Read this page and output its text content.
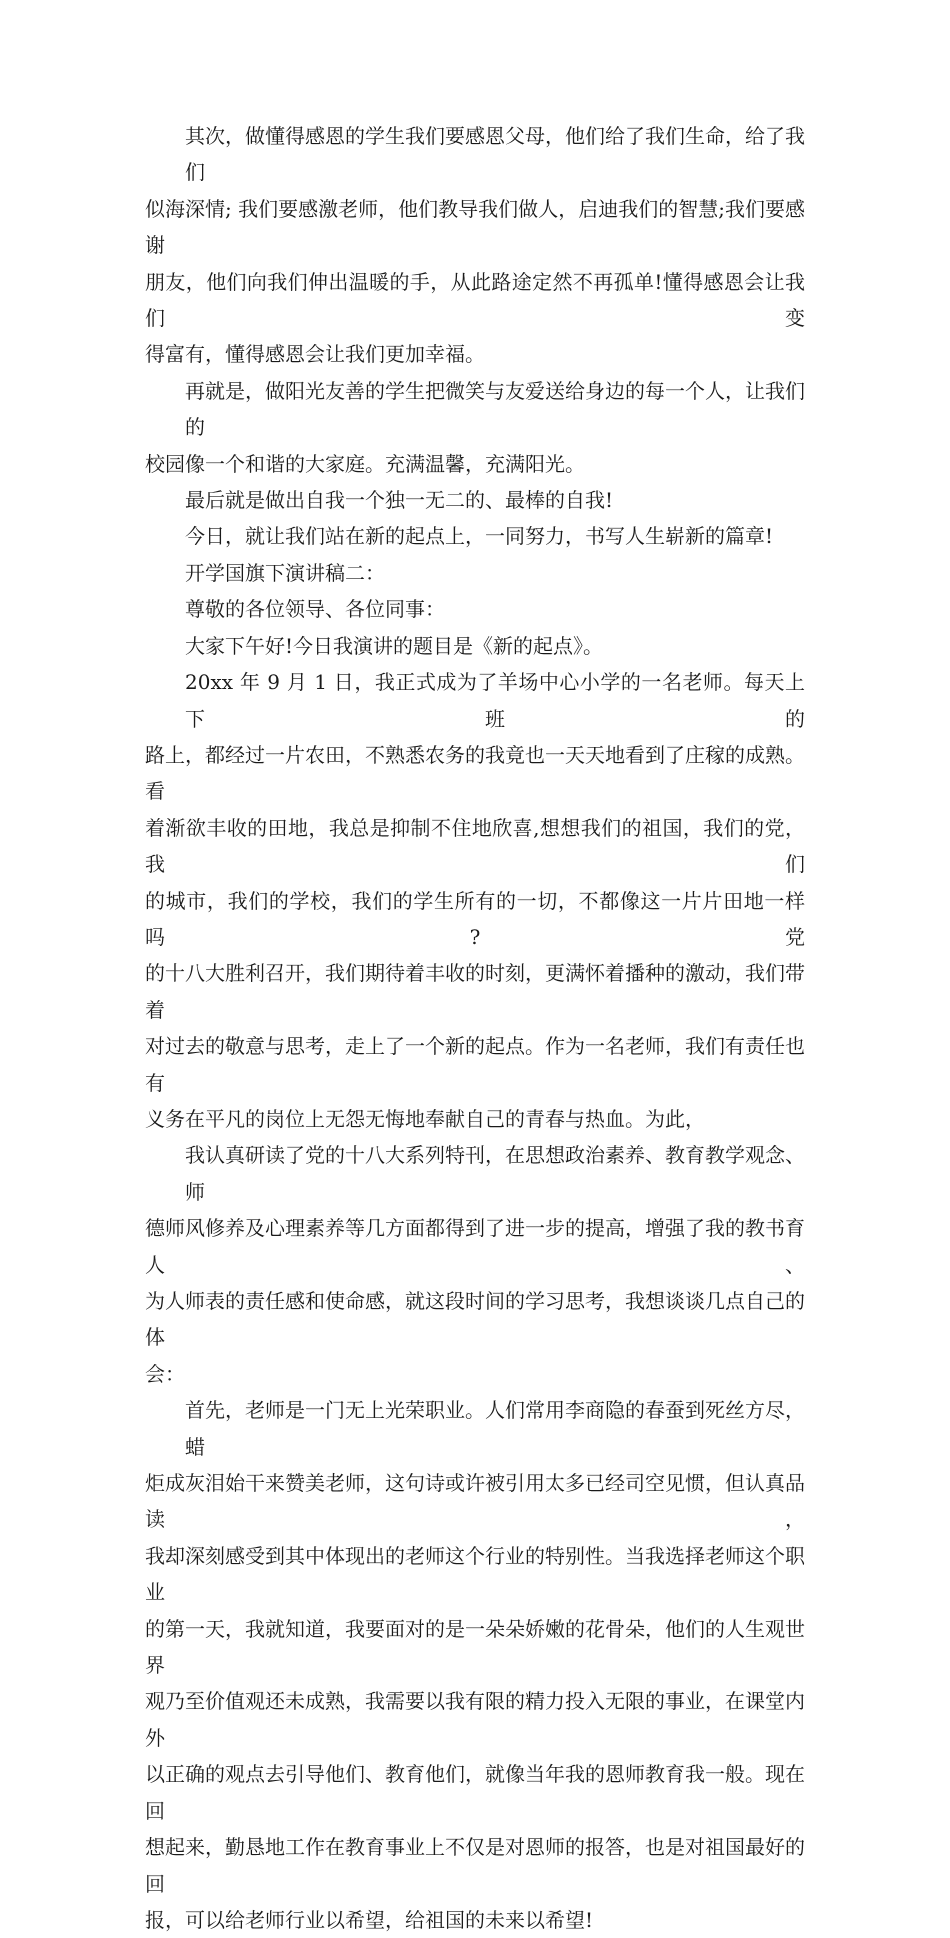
其次，做懂得感恩的学生我们要感恩父母，他们给了我们生命，给了我们
似海深情; 我们要感激老师，他们教导我们做人，启迪我们的智慧;我们要感谢
朋友，他们向我们伸出温暖的手，从此路途定然不再孤单!懂得感恩会让我们变
得富有，懂得感恩会让我们更加幸福。
再就是，做阳光友善的学生把微笑与友爱送给身边的每一个人，让我们的
校园像一个和谐的大家庭。充满温馨，充满阳光。
最后就是做出自我一个独一无二的、最棒的自我!
今日，就让我们站在新的起点上，一同努力，书写人生崭新的篇章!
开学国旗下演讲稿二：
尊敬的各位领导、各位同事：
大家下午好!今日我演讲的题目是《新的起点》。
20xx 年 9 月 1 日，我正式成为了羊场中心小学的一名老师。每天上下班的
路上，都经过一片农田，不熟悉农务的我竟也一天天地看到了庄稼的成熟。看
着渐欲丰收的田地，我总是抑制不住地欣喜,想想我们的祖国，我们的党，我们
的城市，我们的学校，我们的学生所有的一切，不都像这一片片田地一样吗?党
的十八大胜利召开，我们期待着丰收的时刻，更满怀着播种的激动，我们带着
对过去的敬意与思考，走上了一个新的起点。作为一名老师，我们有责任也有
义务在平凡的岗位上无怨无悔地奉献自己的青春与热血。为此，
我认真研读了党的十八大系列特刊，在思想政治素养、教育教学观念、师
德师风修养及心理素养等几方面都得到了进一步的提高，增强了我的教书育人、
为人师表的责任感和使命感，就这段时间的学习思考，我想谈谈几点自己的体
会：
首先，老师是一门无上光荣职业。人们常用李商隐的春蚕到死丝方尽，蜡
炬成灰泪始干来赞美老师，这句诗或许被引用太多已经司空见惯，但认真品读，
我却深刻感受到其中体现出的老师这个行业的特别性。当我选择老师这个职业
的第一天，我就知道，我要面对的是一朵朵娇嫩的花骨朵，他们的人生观世界
观乃至价值观还未成熟，我需要以我有限的精力投入无限的事业，在课堂内外
以正确的观点去引导他们、教育他们，就像当年我的恩师教育我一般。现在回
想起来，勤恳地工作在教育事业上不仅是对恩师的报答，也是对祖国最好的回
报，可以给老师行业以希望，给祖国的未来以希望!
